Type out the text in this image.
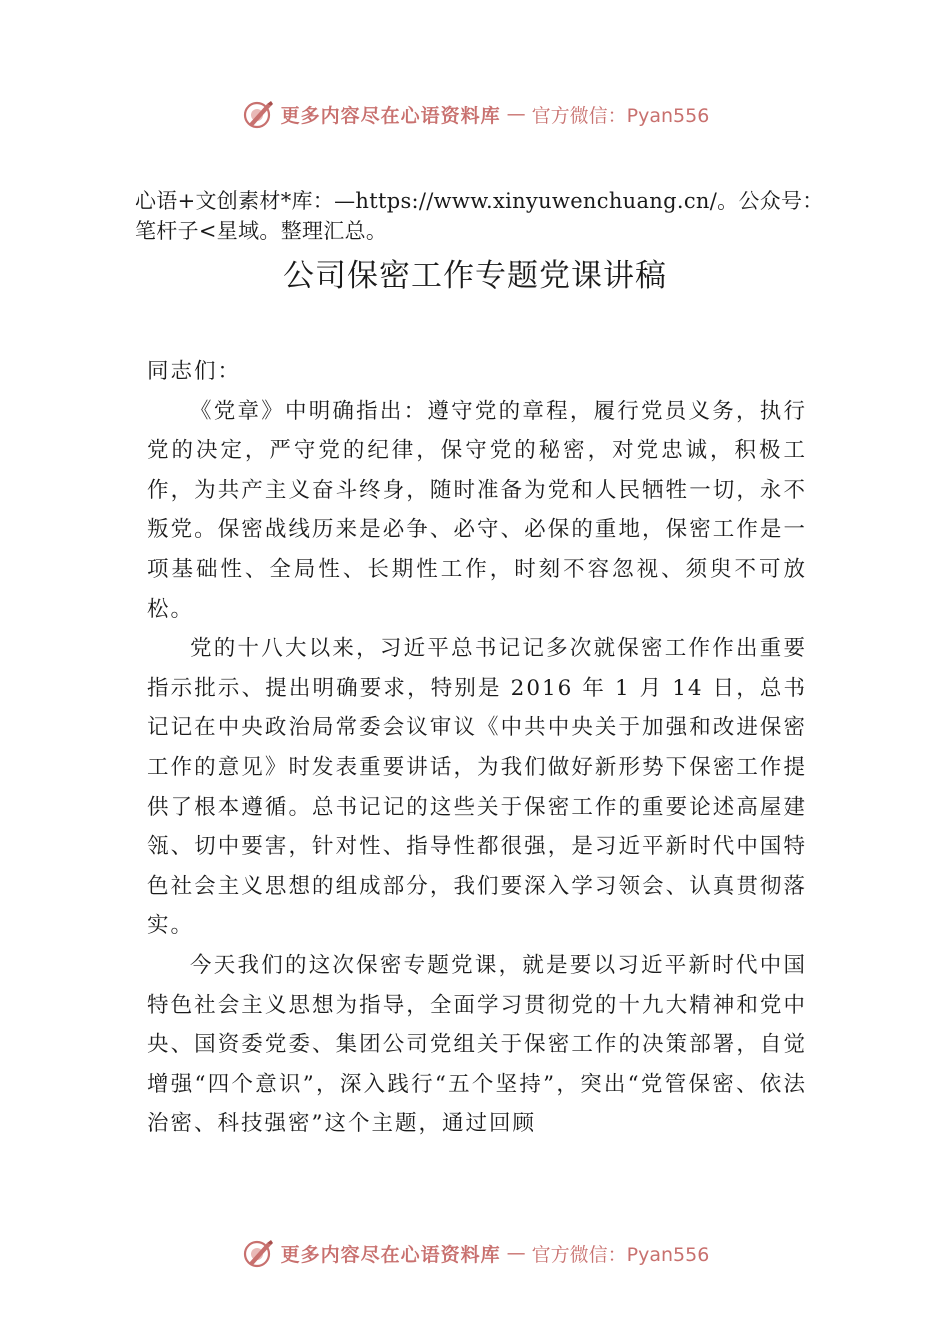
更多内容尽在心语资料库 — 官方微信：Pyan556
心语+文创素材*库：—https://www.xinyuwenchuang.cn/。公众号：笔杆子<星域。整理汇总。
公司保密工作专题党课讲稿

同志们：

《党章》中明确指出：遵守党的章程，履行党员义务，执行党的决定，严守党的纪律，保守党的秘密，对党忠诚，积极工作，为共产主义奋斗终身，随时准备为党和人民牺牲一切，永不叛党。保密战线历来是必争、必守、必保的重地，保密工作是一项基础性、全局性、长期性工作，时刻不容忽视、须臾不可放松。

党的十八大以来，习近平总书记记多次就保密工作作出重要指示批示、提出明确要求，特别是 2016 年 1 月 14 日，总书记记在中央政治局常委会议审议《中共中央关于加强和改进保密工作的意见》时发表重要讲话，为我们做好新形势下保密工作提供了根本遵循。总书记记的这些关于保密工作的重要论述高屋建瓴、切中要害，针对性、指导性都很强，是习近平新时代中国特色社会主义思想的组成部分，我们要深入学习领会、认真贯彻落实。

今天我们的这次保密专题党课，就是要以习近平新时代中国特色社会主义思想为指导，全面学习贯彻党的十九大精神和党中央、国资委党委、集团公司党组关于保密工作的决策部署，自觉增强“四个意识”，深入践行“五个坚持”，突出“党管保密、依法治密、科技强密”这个主题，通过回顾

更多内容尽在心语资料库 — 官方微信：Pyan556
